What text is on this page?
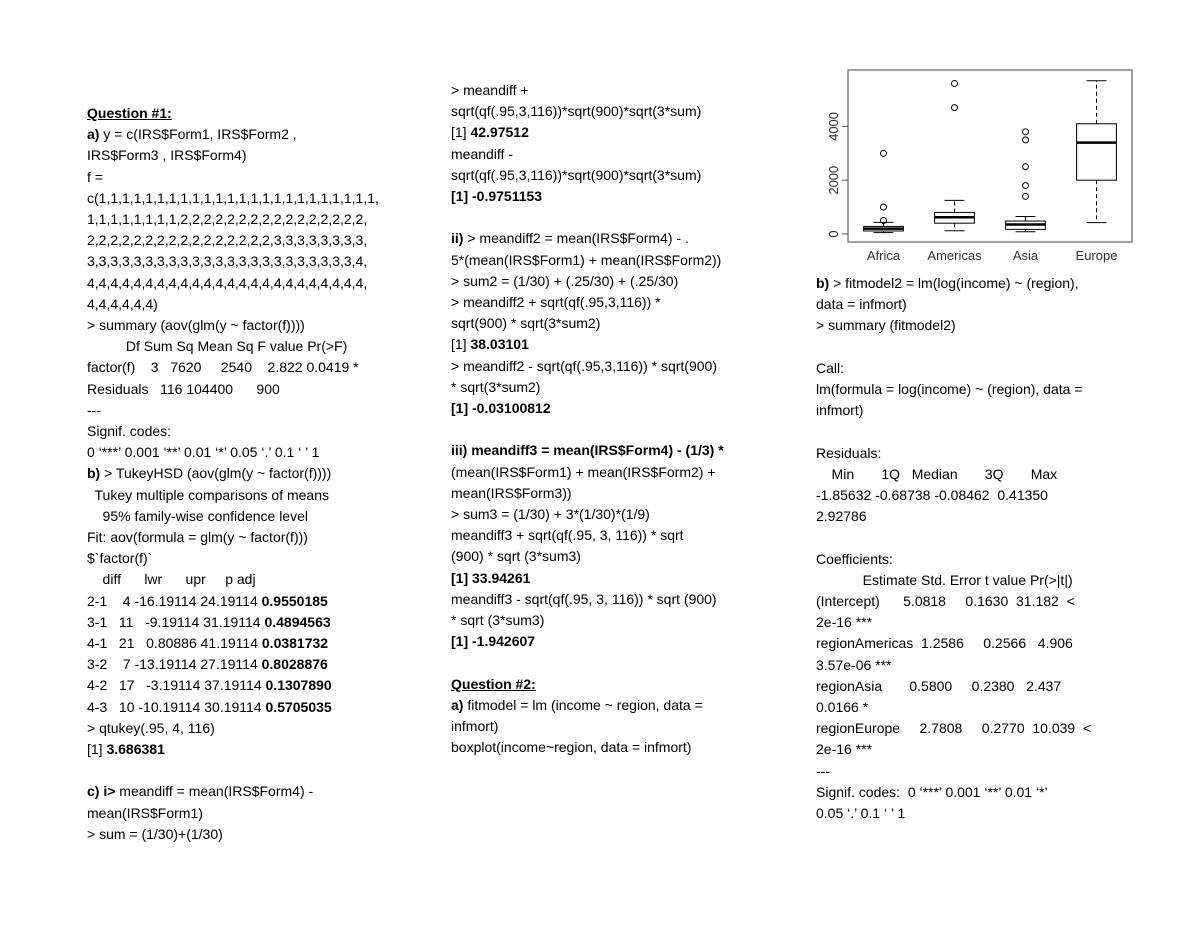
Question #1:
a) y = c(IRS$Form1, IRS$Form2 ,
IRS$Form3 , IRS$Form4)
f =
c(1,1,1,1,1,1,1,1,1,1,1,1,1,1,1,1,1,1,1,1,1,1,1,1,
1,1,1,1,1,1,1,1,2,2,2,2,2,2,2,2,2,2,2,2,2,2,2,2,
2,2,2,2,2,2,2,2,2,2,2,2,2,2,2,2,3,3,3,3,3,3,3,3,
3,3,3,3,3,3,3,3,3,3,3,3,3,3,3,3,3,3,3,3,3,3,3,4,
4,4,4,4,4,4,4,4,4,4,4,4,4,4,4,4,4,4,4,4,4,4,4,4,
4,4,4,4,4,4)
> summary (aov(glm(y ~ factor(f))))
Df Sum Sq Mean Sq F value Pr(>F)
factor(f)    3   7620     2540    2.822 0.0419 *
Residuals   116 104400      900
---
Signif. codes:
0 ‘***’ 0.001 ‘**’ 0.01 ‘*’ 0.05 ‘.’ 0.1 ‘ ’ 1
b) > TukeyHSD (aov(glm(y ~ factor(f))))
Tukey multiple comparisons of means
95% family-wise confidence level
Fit: aov(formula = glm(y ~ factor(f)))
$`factor(f)`
diff      lwr      upr     p adj
2-1    4 -16.19114 24.19114 0.9550185
3-1   11   -9.19114 31.19114 0.4894563
4-1   21   0.80886 41.19114 0.0381732
3-2    7 -13.19114 27.19114 0.8028876
4-2   17   -3.19114 37.19114 0.1307890
4-3   10 -10.19114 30.19114 0.5705035
> qtukey(.95, 4, 116)
[1] 3.686381
c) i> meandiff = mean(IRS$Form4) -
mean(IRS$Form1)
> sum = (1/30)+(1/30)
> meandiff +
sqrt(qf(.95,3,116))*sqrt(900)*sqrt(3*sum)
[1] 42.97512
meandiff -
sqrt(qf(.95,3,116))*sqrt(900)*sqrt(3*sum)
[1] -0.9751153
ii) > meandiff2 = mean(IRS$Form4) - .
5*(mean(IRS$Form1) + mean(IRS$Form2))
> sum2 = (1/30) + (.25/30) + (.25/30)
> meandiff2 + sqrt(qf(.95,3,116)) *
sqrt(900) * sqrt(3*sum2)
[1] 38.03101
> meandiff2 - sqrt(qf(.95,3,116)) * sqrt(900)
* sqrt(3*sum2)
[1] -0.03100812
iii) meandiff3 = mean(IRS$Form4) - (1/3) *
(mean(IRS$Form1) + mean(IRS$Form2) +
mean(IRS$Form3))
> sum3 = (1/30) + 3*(1/30)*(1/9)
meandiff3 + sqrt(qf(.95, 3, 116)) * sqrt
(900) * sqrt (3*sum3)
[1] 33.94261
meandiff3 - sqrt(qf(.95, 3, 116)) * sqrt (900)
* sqrt (3*sum3)
[1] -1.942607
Question #2:
a) fitmodel = lm (income ~ region, data =
infmort)
boxplot(income~region, data = infmort)
0
2000
4000
Africa Americas Asia	Europe
b) > fitmodel2 = lm(log(income) ~ (region),
data = infmort)
> summary (fitmodel2)
Call:
lm(formula = log(income) ~ (region), data =
infmort)
Residuals:
Min       1Q   Median       3Q       Max
-1.85632 -0.68738 -0.08462  0.41350
2.92786
Coefficients:
Estimate Std. Error t value Pr(>|t|)
(Intercept)      5.0818     0.1630  31.182  <
2e-16 ***
regionAmericas  1.2586     0.2566   4.906
3.57e-06 ***
regionAsia       0.5800     0.2380   2.437
0.0166 *
regionEurope     2.7808     0.2770  10.039  <
2e-16 ***
---
Signif. codes:  0 ‘***’ 0.001 ‘**’ 0.01 ‘*’
0.05 ‘.’ 0.1 ‘ ’ 1
